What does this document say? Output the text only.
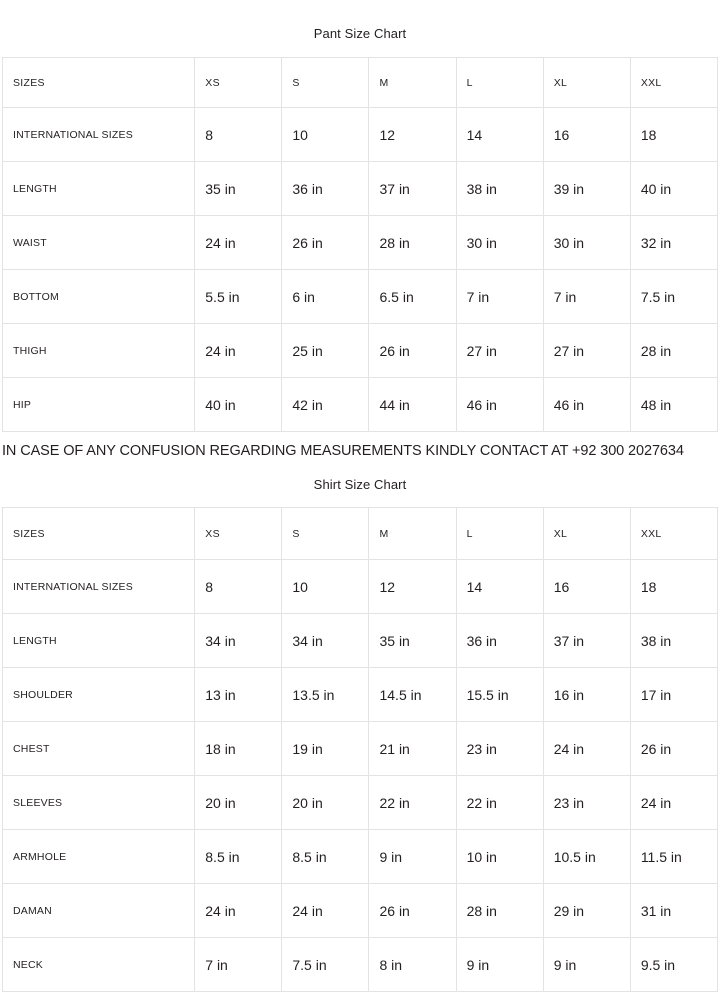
Pant Size Chart
SIZES	XS	S	M	L	XL	XXL
INTERNATIONAL SIZES	8	10	12	14	16	18
LENGTH	35 in	36 in	37 in	38 in	39 in	40 in
WAIST	24 in	26 in	28 in	30 in	30 in	32 in
BOTTOM	5.5 in	6 in	6.5 in	7 in	7 in	7.5 in
THIGH	24 in	25 in	26 in	27 in	27 in	28 in
HIP	40 in	42 in	44 in	46 in	46 in	48 in
IN CASE OF ANY CONFUSION REGARDING MEASUREMENTS KINDLY CONTACT AT +92 300 2027634
Shirt Size Chart
SIZES	XS	S	M	L	XL	XXL
INTERNATIONAL SIZES	8	10	12	14	16	18
LENGTH	34 in	34 in	35 in	36 in	37 in	38 in
SHOULDER	13 in	13.5 in	14.5 in	15.5 in	16 in	17 in
CHEST	18 in	19 in	21 in	23 in	24 in	26 in
SLEEVES	20 in	20 in	22 in	22 in	23 in	24 in
ARMHOLE	8.5 in	8.5 in	9 in	10 in	10.5 in	11.5 in
DAMAN	24 in	24 in	26 in	28 in	29 in	31 in
NECK	7 in	7.5 in	8 in	9 in	9 in	9.5 in
